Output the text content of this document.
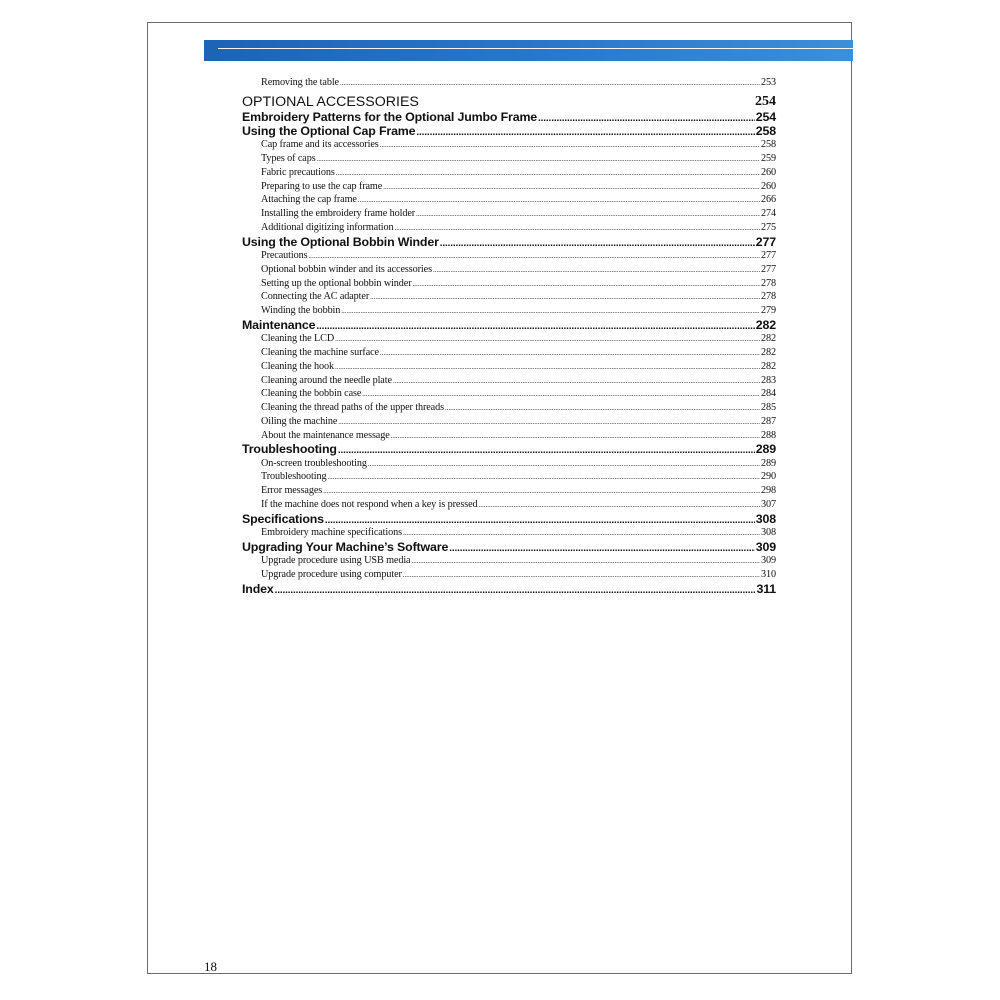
Removing the table .....	253
OPTIONAL ACCESSORIES	254
Embroidery Patterns for the Optional Jumbo Frame .....	254
Using the Optional Cap Frame .....	258
Cap frame and its accessories .....	258
Types of caps .....	259
Fabric precautions .....	260
Preparing to use the cap frame .....	260
Attaching the cap frame .....	266
Installing the embroidery frame holder .....	274
Additional digitizing information .....	275
Using the Optional Bobbin Winder .....	277
Precautions .....	277
Optional bobbin winder and its accessories .....	277
Setting up the optional bobbin winder .....	278
Connecting the AC adapter .....	278
Winding the bobbin .....	279
Maintenance .....	282
Cleaning the LCD .....	282
Cleaning the machine surface .....	282
Cleaning the hook .....	282
Cleaning around the needle plate .....	283
Cleaning the bobbin case .....	284
Cleaning the thread paths of the upper threads .....	285
Oiling the machine .....	287
About the maintenance message .....	288
Troubleshooting .....	289
On-screen troubleshooting .....	289
Troubleshooting .....	290
Error messages .....	298
If the machine does not respond when a key is pressed .....	307
Specifications .....	308
Embroidery machine specifications .....	308
Upgrading Your Machine’s Software .....	309
Upgrade procedure using USB media .....	309
Upgrade procedure using computer .....	310
Index .....	311
18
